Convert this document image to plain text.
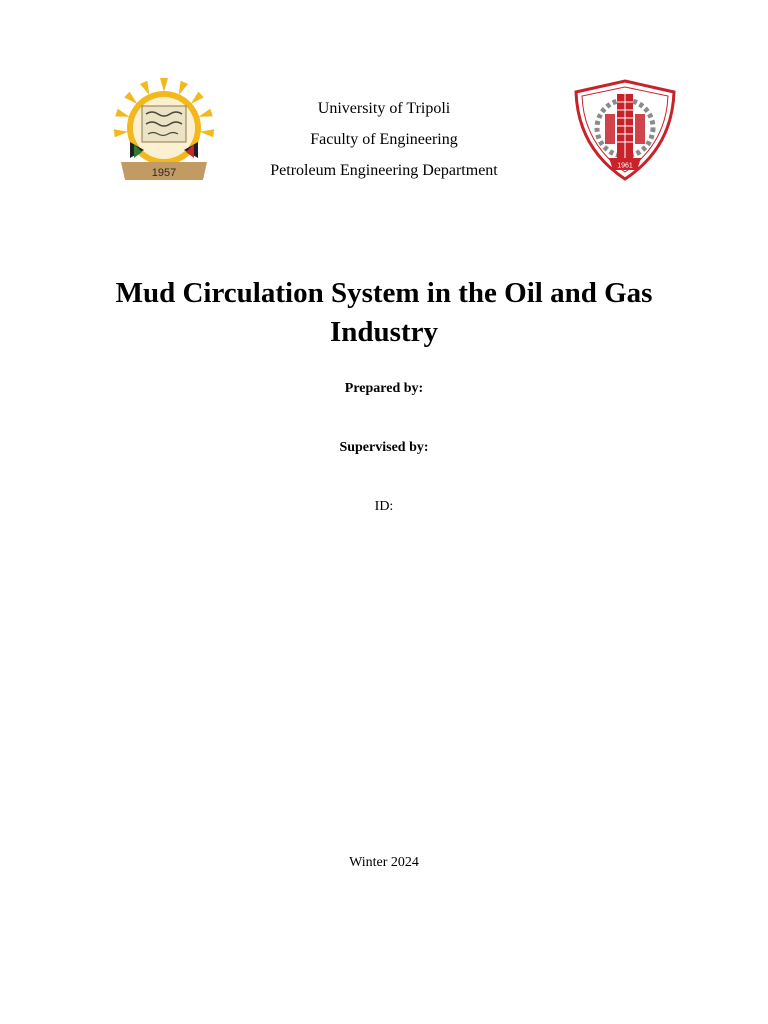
1957
University of Tripoli
Faculty of Engineering
Petroleum Engineering Department	1961
Mud Circulation System in the Oil and Gas Industry
Prepared by:
Supervised by:
ID:
Winter 2024
